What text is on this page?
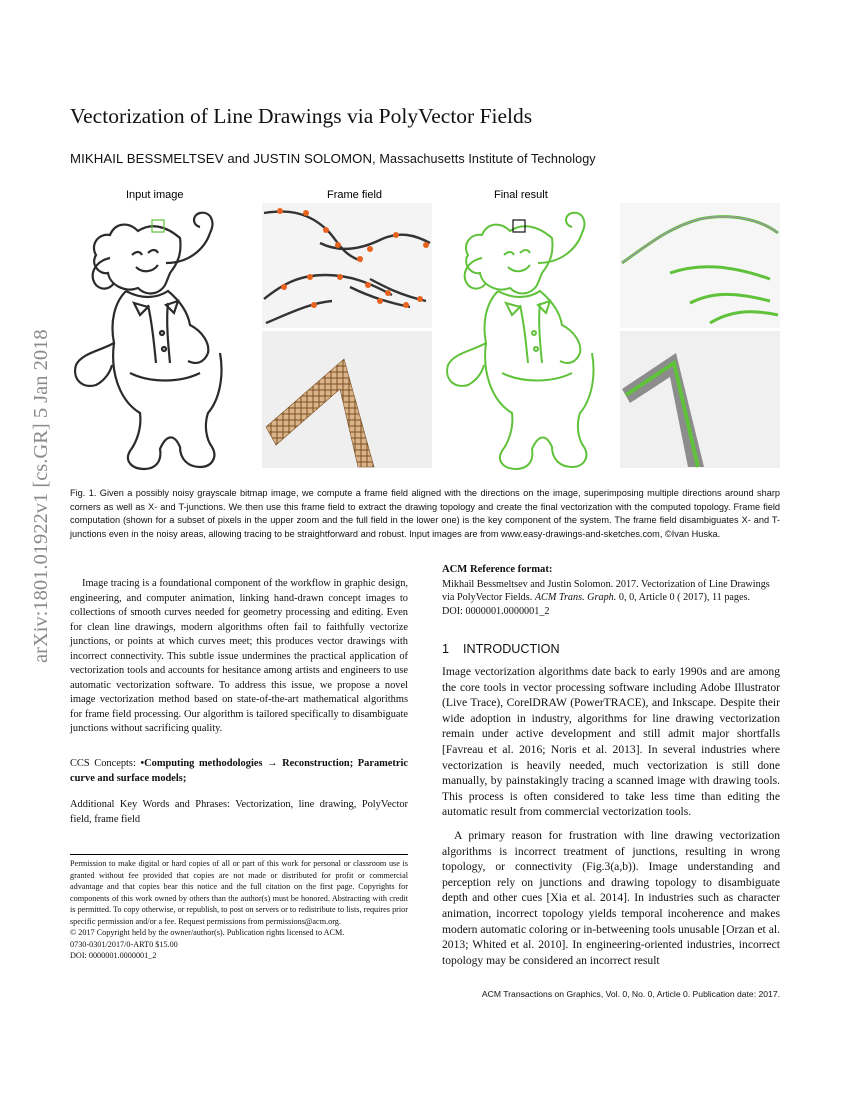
arXiv:1801.01922v1 [cs.GR] 5 Jan 2018
Vectorization of Line Drawings via PolyVector Fields
MIKHAIL BESSMELTSEV and JUSTIN SOLOMON, Massachusetts Institute of Technology
Input image	Frame field	Final result
Fig. 1. Given a possibly noisy grayscale bitmap image, we compute a frame field aligned with the directions on the image, superimposing multiple directions around sharp corners as well as X- and T-junctions. We then use this frame field to extract the drawing topology and create the final vectorization with the computed topology. Frame field computation (shown for a subset of pixels in the upper zoom and the full field in the lower one) is the key component of the system. The frame field disambiguates X- and T-junctions even in the noisy areas, allowing tracing to be straightforward and robust. Input images are from www.easy-drawings-and-sketches.com, ©Ivan Huska.
Image tracing is a foundational component of the workflow in graphic design, engineering, and computer animation, linking hand-drawn concept images to collections of smooth curves needed for geometry processing and editing. Even for clean line drawings, modern algorithms often fail to faithfully vectorize junctions, or points at which curves meet; this produces vector drawings with incorrect connectivity. This subtle issue undermines the practical application of vectorization tools and accounts for hesitance among artists and engineers to use automatic vectorization software. To address this issue, we propose a novel image vectorization method based on state-of-the-art mathematical algorithms for frame field processing. Our algorithm is tailored specifically to disambiguate junctions without sacrificing quality.
CCS Concepts: •Computing methodologies → Reconstruction; Parametric curve and surface models;
Additional Key Words and Phrases: Vectorization, line drawing, PolyVector field, frame field
Permission to make digital or hard copies of all or part of this work for personal or classroom use is granted without fee provided that copies are not made or distributed for profit or commercial advantage and that copies bear this notice and the full citation on the first page. Copyrights for components of this work owned by others than the author(s) must be honored. Abstracting with credit is permitted. To copy otherwise, or republish, to post on servers or to redistribute to lists, requires prior specific permission and/or a fee. Request permissions from permissions@acm.org.
© 2017 Copyright held by the owner/author(s). Publication rights licensed to ACM.
0730-0301/2017/0-ART0 $15.00
DOI: 0000001.0000001_2
ACM Reference format:
Mikhail Bessmeltsev and Justin Solomon. 2017. Vectorization of Line Drawings via PolyVector Fields. ACM Trans. Graph. 0, 0, Article 0 ( 2017), 11 pages.
DOI: 0000001.0000001_2
1 INTRODUCTION
Image vectorization algorithms date back to early 1990s and are among the core tools in vector processing software including Adobe Illustrator (Live Trace), CorelDRAW (PowerTRACE), and Inkscape. Despite their wide adoption in industry, algorithms for line drawing vectorization remain under active development and still admit major shortfalls [Favreau et al. 2016; Noris et al. 2013]. In several industries where vectorization is heavily needed, much vectorization is still done manually, by painstakingly tracing a scanned image with drawing tools. This process is often considered to take less time than editing the automatic result from commercial vectorization tools.
A primary reason for frustration with line drawing vectorization algorithms is incorrect treatment of junctions, resulting in wrong topology, or connectivity (Fig.3(a,b)). Image understanding and perception rely on junctions and drawing topology to disambiguate depth and other cues [Xia et al. 2014]. In industries such as character animation, incorrect topology yields temporal incoherence and makes modern automatic coloring or in-betweening tools unusable [Orzan et al. 2013; Whited et al. 2010]. In engineering-oriented industries, incorrect topology may be considered an incorrect result
ACM Transactions on Graphics, Vol. 0, No. 0, Article 0. Publication date: 2017.
